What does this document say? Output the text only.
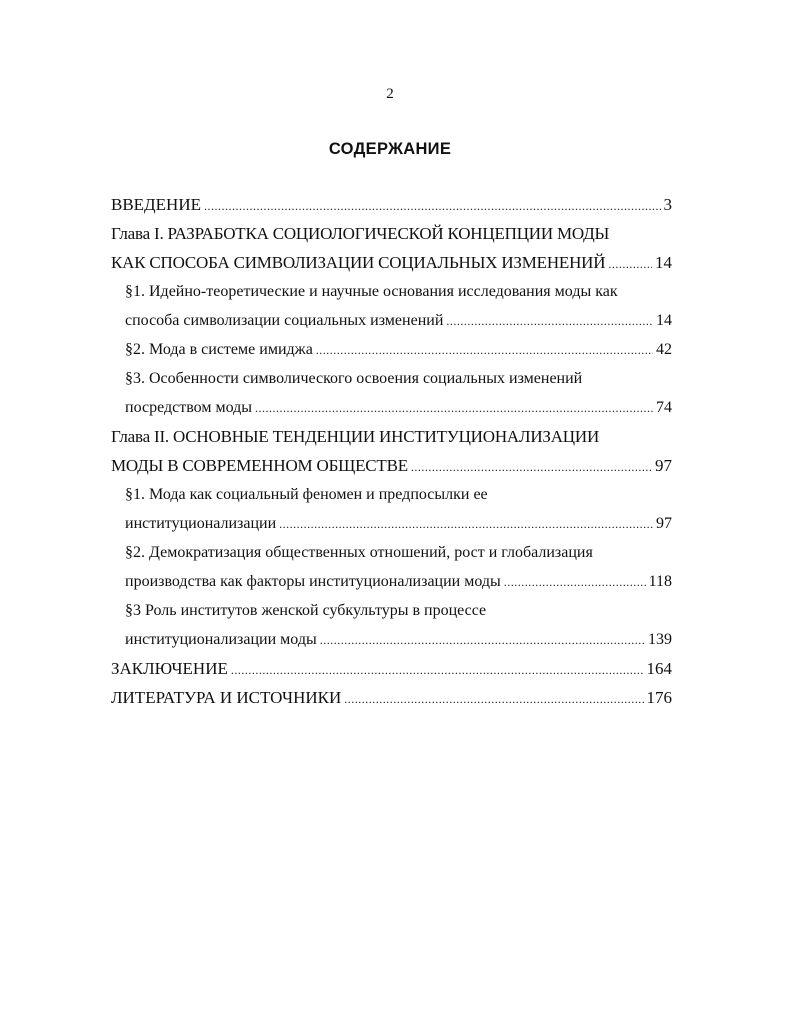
2
СОДЕРЖАНИЕ
ВВЕДЕНИЕ .....	3
Глава I. РАЗРАБОТКА СОЦИОЛОГИЧЕСКОЙ КОНЦЕПЦИИ МОДЫ
КАК СПОСОБА СИМВОЛИЗАЦИИ СОЦИАЛЬНЫХ ИЗМЕНЕНИЙ .....	14
§1. Идейно-теоретические и научные основания исследования моды как
способа символизации социальных изменений .....	14
§2. Мода в системе имиджа .....	42
§3. Особенности символического освоения социальных изменений
посредством моды .....	74
Глава II. ОСНОВНЫЕ ТЕНДЕНЦИИ ИНСТИТУЦИОНАЛИЗАЦИИ
МОДЫ В СОВРЕМЕННОМ ОБЩЕСТВЕ .....	97
§1. Мода как социальный феномен и предпосылки ее
институционализации .....	97
§2. Демократизация общественных отношений, рост и глобализация
производства как факторы институционализации моды .....	118
§3 Роль институтов женской субкультуры в процессе
институционализации моды .....	139
ЗАКЛЮЧЕНИЕ .....	164
ЛИТЕРАТУРА И ИСТОЧНИКИ .....	176
